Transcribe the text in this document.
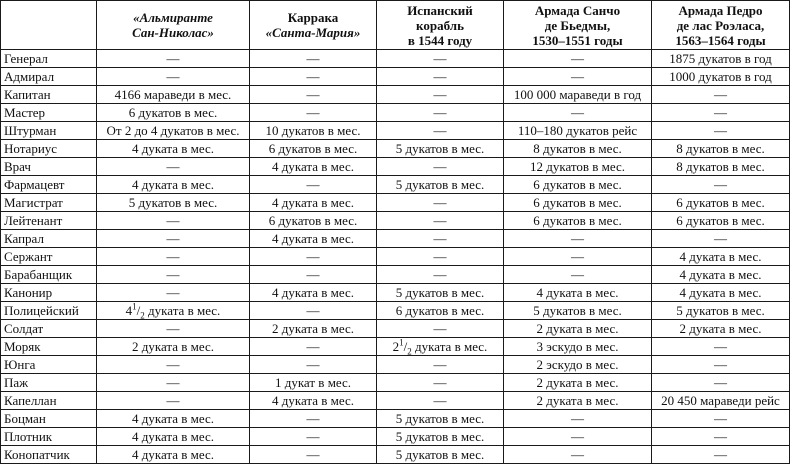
	«Альмиранте
Сан-Николас»	Каррака
«Санта-Мария»	Испанский
корабль
в 1544 году	Армада Санчо
де Бьедмы,
1530–1551 годы	Армада Педро
де лас Роэласа,
1563–1564 годы

Генерал	—	—	—	—	1875 дукатов в год
Адмирал	—	—	—	—	1000 дукатов в год
Капитан	4166 мараведи в мес.	—	—	100 000 мараведи в год	—
Мастер	6 дукатов в мес.	—	—	—	—
Штурман	От 2 до 4 дукатов в мес.	10 дукатов в мес.	—	110–180 дукатов рейс	—
Нотариус	4 дуката в мес.	6 дукатов в мес.	5 дукатов в мес.	8 дукатов в мес.	8 дукатов в мес.
Врач	—	4 дуката в мес.	—	12 дукатов в мес.	8 дукатов в мес.
Фармацевт	4 дуката в мес.	—	5 дукатов в мес.	6 дукатов в мес.	—
Магистрат	5 дукатов в мес.	4 дуката в мес.	—	6 дукатов в мес.	6 дукатов в мес.
Лейтенант	—	6 дукатов в мес.	—	6 дукатов в мес.	6 дукатов в мес.
Капрал	—	4 дуката в мес.	—	—	—
Сержант	—	—	—	—	4 дуката в мес.
Барабанщик	—	—	—	—	4 дуката в мес.
Канонир	—	4 дуката в мес.	5 дукатов в мес.	4 дуката в мес.	4 дуката в мес.
Полицейский	$4^1/_2$ дуката в мес.	—	6 дукатов в мес.	5 дукатов в мес.	5 дукатов в мес.
Солдат	—	2 дуката в мес.	—	2 дуката в мес.	2 дуката в мес.
Моряк	2 дуката в мес.	—	$2^1/_2$ дуката в мес.	3 эскудо в мес.	—
Юнга	—	—	—	2 эскудо в мес.	—
Паж	—	1 дукат в мес.	—	2 дуката в мес.	—
Капеллан	—	4 дуката в мес.	—	2 дуката в мес.	20 450 мараведи рейс
Боцман	4 дуката в мес.	—	5 дукатов в мес.	—	—
Плотник	4 дуката в мес.	—	5 дукатов в мес.	—	—
Конопатчик	4 дуката в мес.	—	5 дукатов в мес.	—	—
